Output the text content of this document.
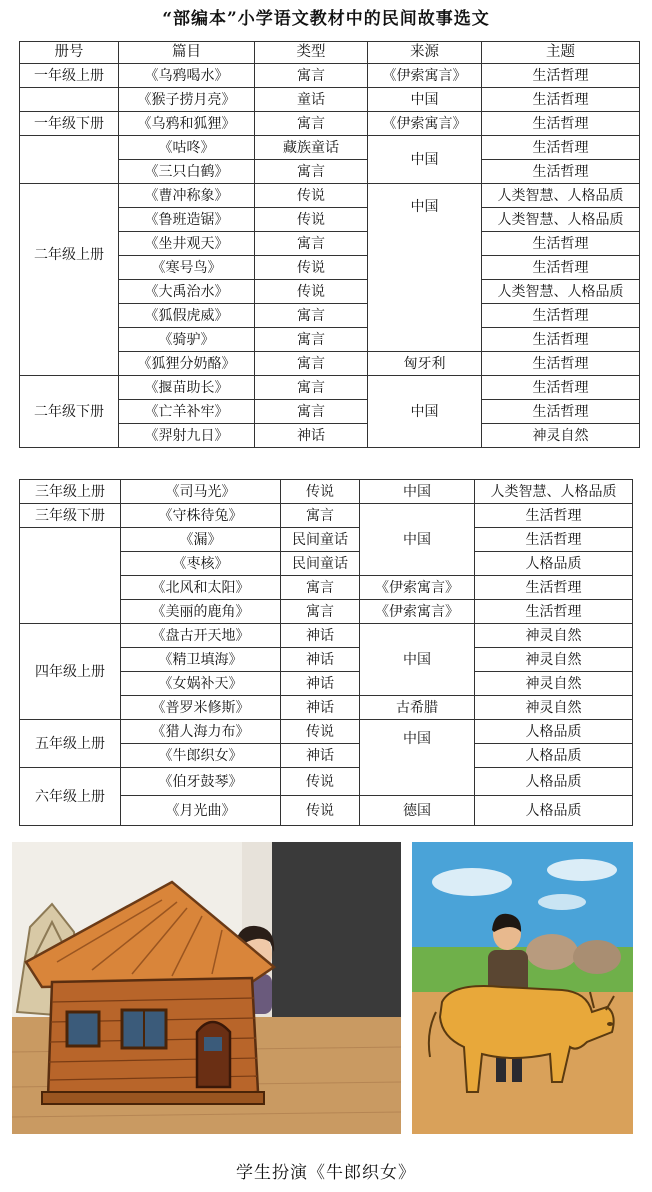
“部编本”小学语文教材中的民间故事选文
册号	篇目	类型	来源	主题
一年级上册	《乌鸦喝水》	寓言	《伊索寓言》	生活哲理
	《猴子捞月亮》	童话	中国	生活哲理
一年级下册	《乌鸦和狐狸》	寓言	《伊索寓言》	生活哲理
	《咕咚》	藏族童话	中国	生活哲理
	《三只白鹤》	寓言		生活哲理
二年级上册	《曹冲称象》	传说	中国	人类智慧、人格品质
	《鲁班造锯》	传说		人类智慧、人格品质
	《坐井观天》	寓言		生活哲理
	《寒号鸟》	传说		生活哲理
	《大禹治水》	传说		人类智慧、人格品质
	《狐假虎威》	寓言		生活哲理
	《骑驴》	寓言		生活哲理
	《狐狸分奶酪》	寓言	匈牙利	生活哲理
二年级下册	《揠苗助长》	寓言	中国	生活哲理
	《亡羊补牢》	寓言		生活哲理
	《羿射九日》	神话		神灵自然
三年级上册	《司马光》	传说	中国	人类智慧、人格品质
三年级下册	《守株待兔》	寓言	中国	生活哲理
	《漏》	民间童话		生活哲理
	《枣核》	民间童话		人格品质
	《北风和太阳》	寓言	《伊索寓言》	生活哲理
	《美丽的鹿角》	寓言	《伊索寓言》	生活哲理
四年级上册	《盘古开天地》	神话	中国	神灵自然
	《精卫填海》	神话		神灵自然
	《女娲补天》	神话		神灵自然
	《普罗米修斯》	神话	古希腊	神灵自然
五年级上册	《猎人海力布》	传说	中国	人格品质
	《牛郎织女》	神话		人格品质
六年级上册	《伯牙鼓琴》	传说		人格品质
	《月光曲》	传说	德国	人格品质
学生扮演《牛郎织女》
